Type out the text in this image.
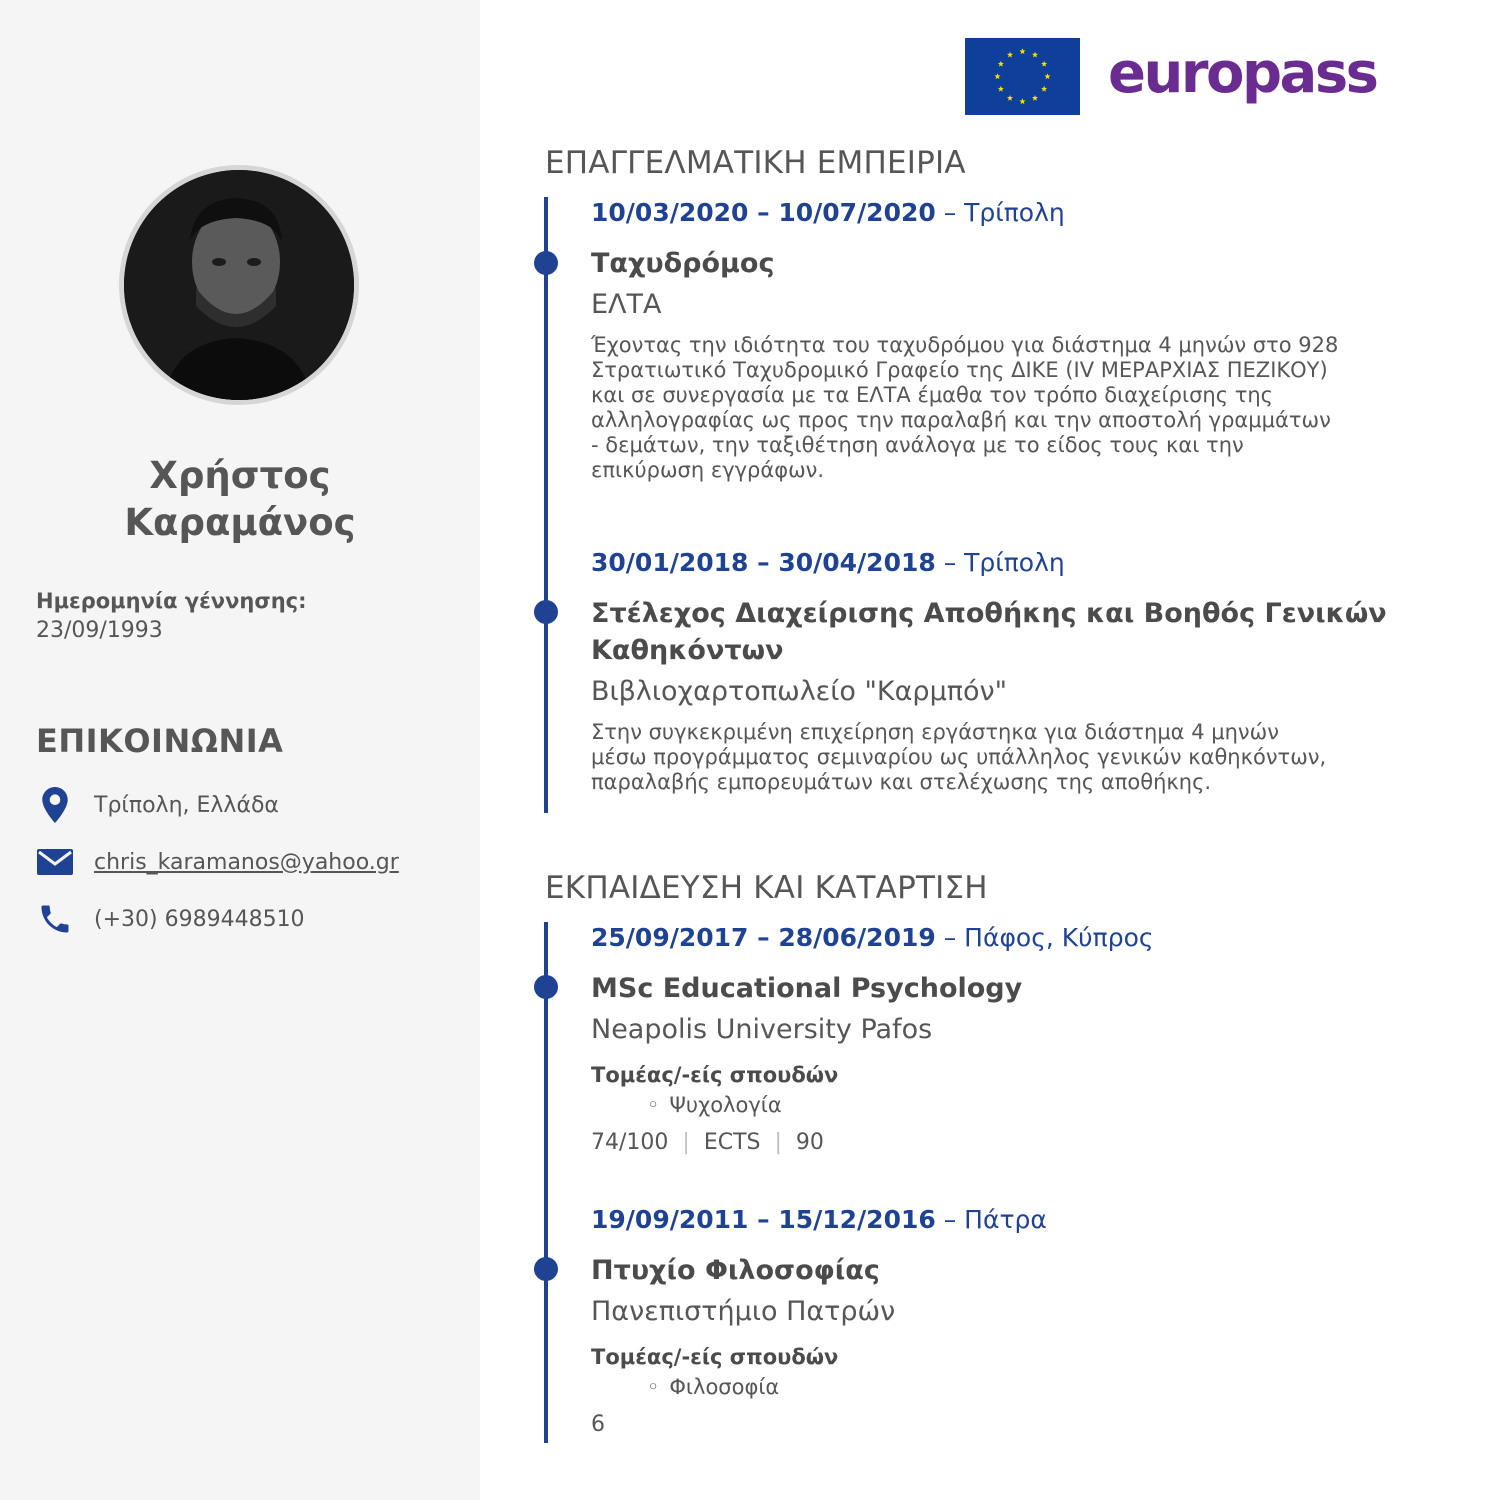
Χρήστος
Καραμάνος
Ημερομηνία γέννησης:
23/09/1993
ΕΠΙΚΟΙΝΩΝΙΑ
Τρίπολη, Ελλάδα
chris_karamanos@yahoo.gr
(+30) 6989448510
europass
ΕΠΑΓΓΕΛΜΑΤΙΚΗ ΕΜΠΕΙΡΙΑ
10/03/2020 – 10/07/2020 – Τρίπολη
Ταχυδρόμος
ΕΛΤΑ
Έχοντας την ιδιότητα του ταχυδρόμου για διάστημα 4 μηνών στο 928
Στρατιωτικό Ταχυδρομικό Γραφείο της ΔΙΚΕ (IV ΜΕΡΑΡΧΙΑΣ ΠΕΖΙΚΟΥ)
και σε συνεργασία με τα ΕΛΤΑ έμαθα τον τρόπο διαχείρισης της
αλληλογραφίας ως προς την παραλαβή και την αποστολή γραμμάτων
- δεμάτων, την ταξιθέτηση ανάλογα με το είδος τους και την
επικύρωση εγγράφων.
30/01/2018 – 30/04/2018 – Τρίπολη
Στέλεχος Διαχείρισης Αποθήκης και Βοηθός Γενικών
Καθηκόντων
Βιβλιοχαρτοπωλείο "Καρμπόν"
Στην συγκεκριμένη επιχείρηση εργάστηκα για διάστημα 4 μηνών
μέσω προγράμματος σεμιναρίου ως υπάλληλος γενικών καθηκόντων,
παραλαβής εμπορευμάτων και στελέχωσης της αποθήκης.
ΕΚΠΑΙΔΕΥΣΗ ΚΑΙ ΚΑΤΑΡΤΙΣΗ
25/09/2017 – 28/06/2019 – Πάφος, Κύπρος
MSc Educational Psychology
Neapolis University Pafos
Τομέας/-είς σπουδών
◦ Ψυχολογία
74/100 | ECTS | 90
19/09/2011 – 15/12/2016 – Πάτρα
Πτυχίο Φιλοσοφίας
Πανεπιστήμιο Πατρών
Τομέας/-είς σπουδών
◦ Φιλοσοφία
6
